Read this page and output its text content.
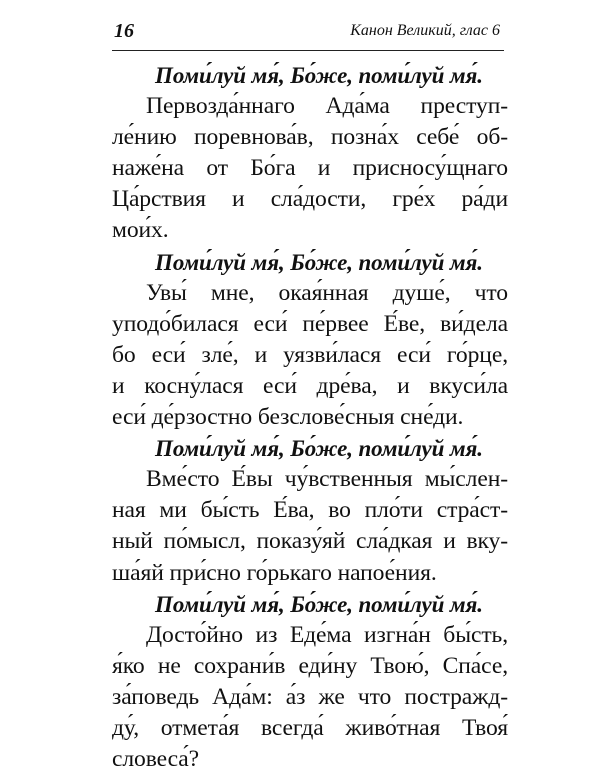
16	Канон Великий, глас 6
Поми́луй мя́, Бо́же, поми́луй мя́.
Первозда́ннаго Ада́ма преступ-
ле́нию поревнова́в, позна́х себе́ об-
наже́на от Бо́га и присносу́щнаго
Ца́рствия и сла́дости, гре́х ра́ди
мои́х.
Поми́луй мя́, Бо́же, поми́луй мя́.
Увы́ мне, окая́нная душе́, что
уподо́билася еси́ пе́рвее Е́ве, ви́дела
бо еси́ зле́, и уязви́лася еси́ го́рце,
и косну́лася еси́ дре́ва, и вкуси́ла
еси́ де́рзостно безслове́сныя сне́ди.
Поми́луй мя́, Бо́же, поми́луй мя́.
Вме́сто Е́вы чу́вственныя мы́слен-
ная ми бы́сть Е́ва, во пло́ти стра́ст-
ный по́мысл, показу́яй сла́дкая и вку-
ша́яй при́сно го́рькаго напое́ния.
Поми́луй мя́, Бо́же, поми́луй мя́.
Досто́йно из Еде́ма изгна́н бы́сть,
я́ко не сохрани́в еди́ну Твою́, Спа́се,
за́поведь Ада́м: а́з же что постражд-
ду́, отмета́я всегда́ живо́тная Твоя́
словеса́?
